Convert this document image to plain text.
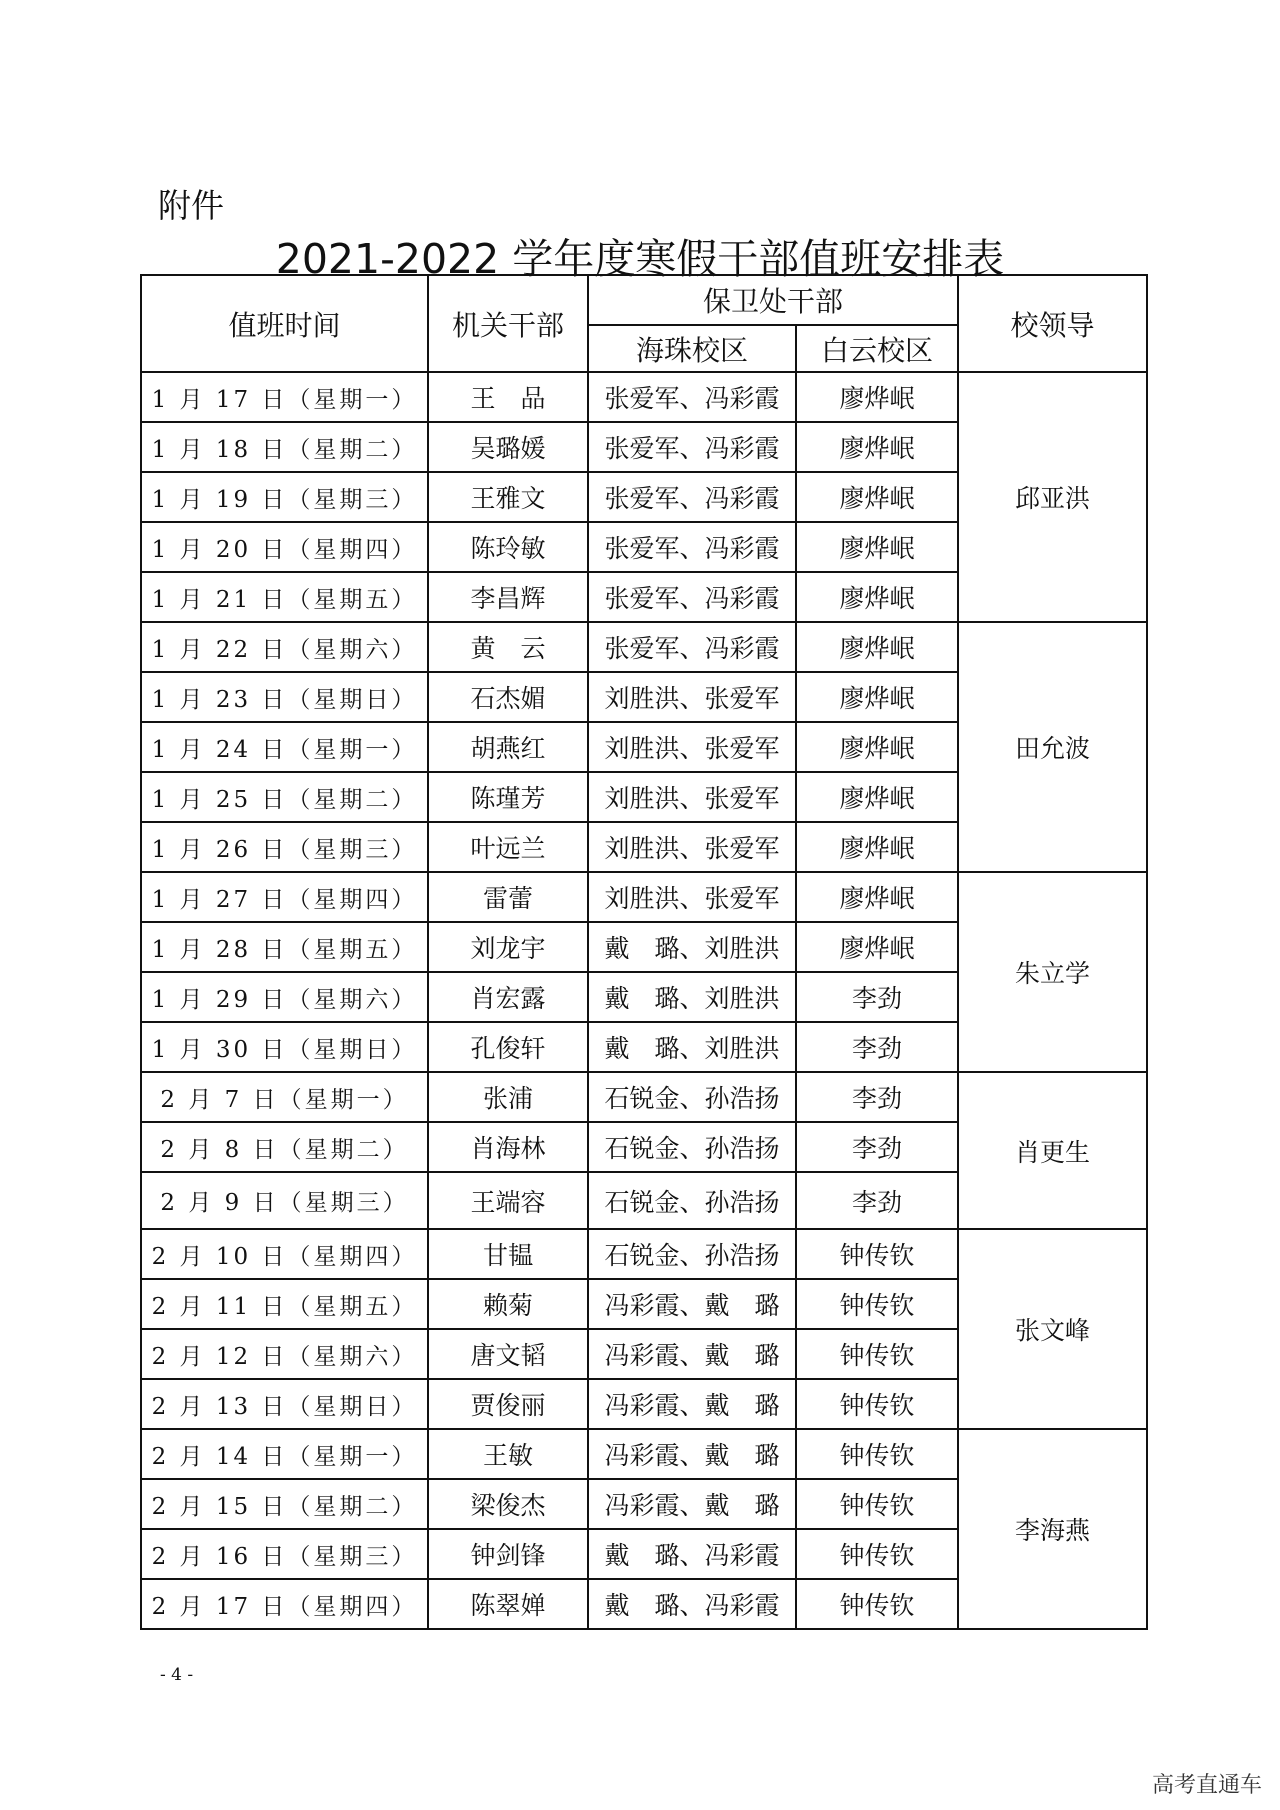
附件
2021-2022 学年度寒假干部值班安排表
值班时间	机关干部	保卫处干部		校领导
		海珠校区	白云校区	
1 月 17 日（星期一）	王　品	张爱军、冯彩霞	廖烨岷	邱亚洪
1 月 18 日（星期二）	吴璐媛	张爱军、冯彩霞	廖烨岷	
1 月 19 日（星期三）	王雅文	张爱军、冯彩霞	廖烨岷	
1 月 20 日（星期四）	陈玲敏	张爱军、冯彩霞	廖烨岷	
1 月 21 日（星期五）	李昌辉	张爱军、冯彩霞	廖烨岷	
1 月 22 日（星期六）	黄　云	张爱军、冯彩霞	廖烨岷	田允波
1 月 23 日（星期日）	石杰媚	刘胜洪、张爱军	廖烨岷	
1 月 24 日（星期一）	胡燕红	刘胜洪、张爱军	廖烨岷	
1 月 25 日（星期二）	陈瑾芳	刘胜洪、张爱军	廖烨岷	
1 月 26 日（星期三）	叶远兰	刘胜洪、张爱军	廖烨岷	
1 月 27 日（星期四）	雷蕾	刘胜洪、张爱军	廖烨岷	朱立学
1 月 28 日（星期五）	刘龙宇	戴　璐、刘胜洪	廖烨岷	
1 月 29 日（星期六）	肖宏露	戴　璐、刘胜洪	李劲	
1 月 30 日（星期日）	孔俊轩	戴　璐、刘胜洪	李劲	
2 月 7 日（星期一）	张浦	石锐金、孙浩扬	李劲	肖更生
2 月 8 日（星期二）	肖海林	石锐金、孙浩扬	李劲	
2 月 9 日（星期三）	王端容	石锐金、孙浩扬	李劲	
2 月 10 日（星期四）	甘韫	石锐金、孙浩扬	钟传钦	张文峰
2 月 11 日（星期五）	赖菊	冯彩霞、戴　璐	钟传钦	
2 月 12 日（星期六）	唐文韬	冯彩霞、戴　璐	钟传钦	
2 月 13 日（星期日）	贾俊丽	冯彩霞、戴　璐	钟传钦	
2 月 14 日（星期一）	王敏	冯彩霞、戴　璐	钟传钦	李海燕
2 月 15 日（星期二）	梁俊杰	冯彩霞、戴　璐	钟传钦	
2 月 16 日（星期三）	钟剑锋	戴　璐、冯彩霞	钟传钦	
2 月 17 日（星期四）	陈翠婵	戴　璐、冯彩霞	钟传钦	
- 4 -
高考直通车
